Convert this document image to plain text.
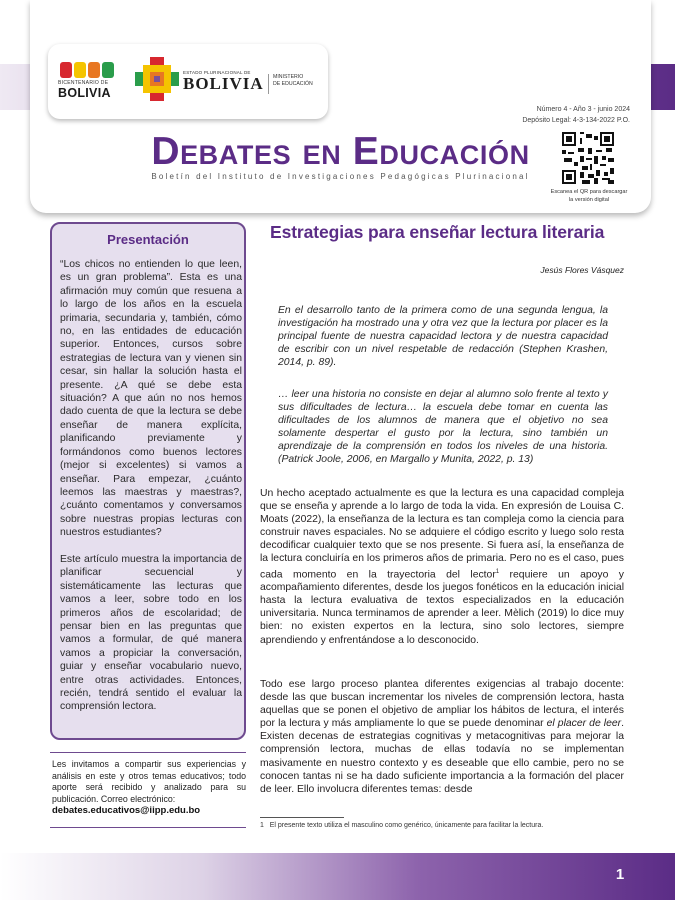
BICENTENARIO DE
BOLIVIA
ESTADO PLURINACIONAL DE
BOLIVIA MINISTERIO
DE EDUCACIÓN
Número 4 - Año 3 - junio 2024
Depósito Legal: 4-3-134-2022 P.O.
Debates en Educación
Boletín del Instituto de Investigaciones Pedagógicas Plurinacional
Escanea el QR para descargar
la versión digital
Presentación

“Los chicos no entienden lo que leen, es un gran problema”. Esta es una afirmación muy común que resuena a lo largo de los años en la escuela primaria, secundaria y, también, cómo no, en las entidades de educación superior. Entonces, cursos sobre estrategias de lectura van y vienen sin cesar, sin hallar la solución hasta el presente. ¿A qué se debe esta situación? A que aún no nos hemos dado cuenta de que la lectura se debe enseñar de manera explícita, planificando previamente y formándonos como buenos lectores (mejor si excelentes) si vamos a enseñar. Para empezar, ¿cuánto leemos las maestras y maestras?, ¿cuánto comentamos y conversamos sobre nuestras propias lecturas con nuestros estudiantes?

Este artículo muestra la importancia de planificar secuencial y sistemáticamente las lecturas que vamos a leer, sobre todo en los primeros años de escolaridad; de pensar bien en las preguntas que vamos a formular, de qué manera vamos a propiciar la conversación, guiar y enseñar vocabulario nuevo, entre otras actividades. Entonces, recién, tendrá sentido el evaluar la comprensión lectora.

Les invitamos a compartir sus experiencias y análisis en este y otros temas educativos; todo aporte será recibido y analizado para su publicación. Correo electrónico:
debates.educativos@iipp.edu.bo
Estrategias para enseñar lectura literaria
Jesús Flores Vásquez
En el desarrollo tanto de la primera como de una segunda lengua, la investigación ha mostrado una y otra vez que la lectura por placer es la principal fuente de nuestra capacidad lectora y de nuestra capacidad de escribir con un nivel respetable de redacción (Stephen Krashen, 2014, p. 89).
… leer una historia no consiste en dejar al alumno solo frente al texto y sus dificultades de lectura… la escuela debe tomar en cuenta las dificultades de los alumnos de manera que el objetivo no sea solamente despertar el gusto por la lectura, sino también un aprendizaje de la comprensión en todos los niveles de una historia. (Patrick Joole, 2006, en Margallo y Munita, 2022, p. 13)
Un hecho aceptado actualmente es que la lectura es una capacidad compleja que se enseña y aprende a lo largo de toda la vida. En expresión de Louisa C. Moats (2022), la enseñanza de la lectura es tan compleja como la ciencia para construir naves espaciales. No se adquiere el código escrito y luego solo resta decodificar cualquier texto que se nos presente. Si fuera así, la enseñanza de la lectura concluiría en los primeros años de primaria. Pero no es el caso, pues cada momento en la trayectoria del lector$^1$ requiere un apoyo y acompañamiento diferentes, desde los juegos fonéticos en la educación inicial hasta la lectura evaluativa de textos especializados en la educación universitaria. Nunca terminamos de aprender a leer. Mèlich (2019) lo dice muy bien: no existen expertos en la lectura, sino solo lectores, siempre aprendiendo y enfrentándose a lo desconocido.
Todo ese largo proceso plantea diferentes exigencias al trabajo docente: desde las que buscan incrementar los niveles de comprensión lectora, hasta aquellas que se ponen el objetivo de ampliar los hábitos de lectura, el interés por la lectura y más ampliamente lo que se puede denominar el placer de leer. Existen decenas de estrategias cognitivas y metacognitivas para mejorar la comprensión lectora, muchas de ellas todavía no se implementan masivamente en nuestro contexto y es deseable que ello cambie, pero no se conocen tantas ni se ha dado suficiente importancia a la formación del placer de leer. Ello involucra diferentes temas: desde
1 El presente texto utiliza el masculino como genérico, únicamente para facilitar la lectura.
1
